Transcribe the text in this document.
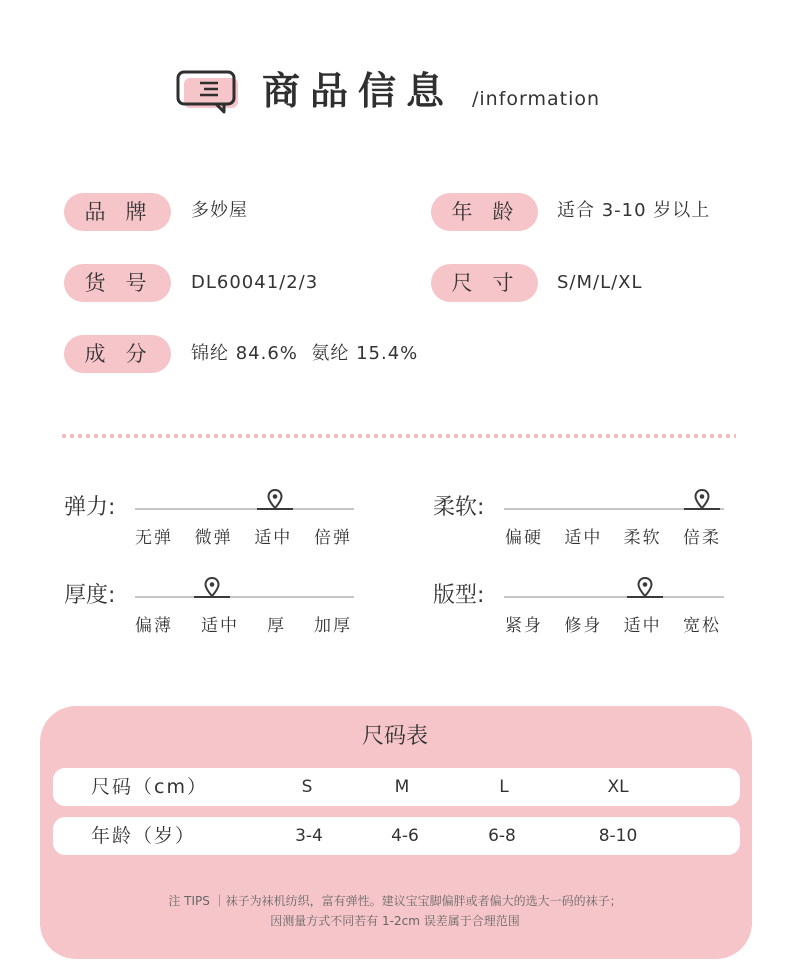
商品信息 /information
品牌 多妙屋	年龄 适合 3-10 岁以上
货号 DL60041/2/3	尺寸 S/M/L/XL
成分 锦纶 84.6%  氨纶 15.4%
弹力:
无弹 微弹 适中 倍弹
柔软:
偏硬 适中 柔软 倍柔
厚度:
偏薄 适中 厚 加厚
版型:
紧身 修身 适中 宽松
尺码表
尺码（cm）	S	M	L	XL
年龄（岁）	3-4	4-6	6-8	8-10
注 TIPS ｜袜子为袜机纺织，富有弹性。建议宝宝脚偏胖或者偏大的选大一码的袜子；
因测量方式不同若有 1-2cm 误差属于合理范围
